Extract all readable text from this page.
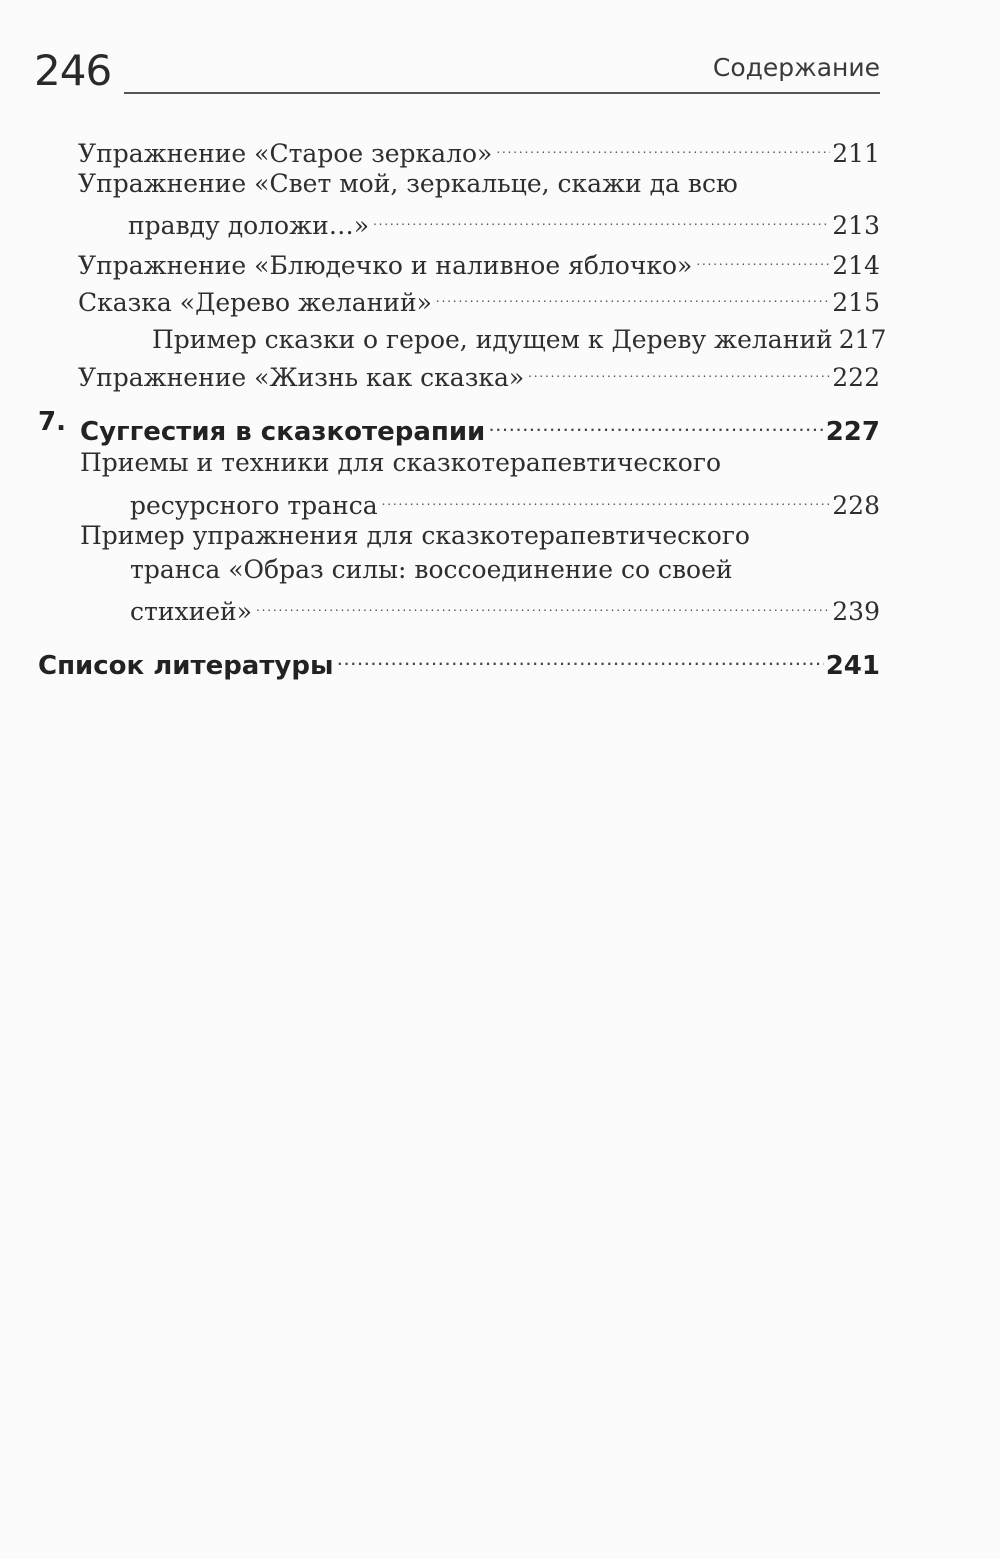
246	Содержание
Упражнение «Старое зеркало» . . .	211
Упражнение «Свет мой, зеркальце, скажи да всю
правду доложи…» . . .	213
Упражнение «Блюдечко и наливное яблочко» . . .	214
Сказка «Дерево желаний» . . .	215
Пример сказки о герое, идущем к Дереву желаний 217
Упражнение «Жизнь как сказка» . . .	222
7. Суггестия в сказкотерапии . . .	227
Приемы и техники для сказкотерапевтического
ресурсного транса . . .	228
Пример упражнения для сказкотерапевтического
транса «Образ силы: воссоединение со своей
стихией» . . .	239
Список литературы . . .	241
